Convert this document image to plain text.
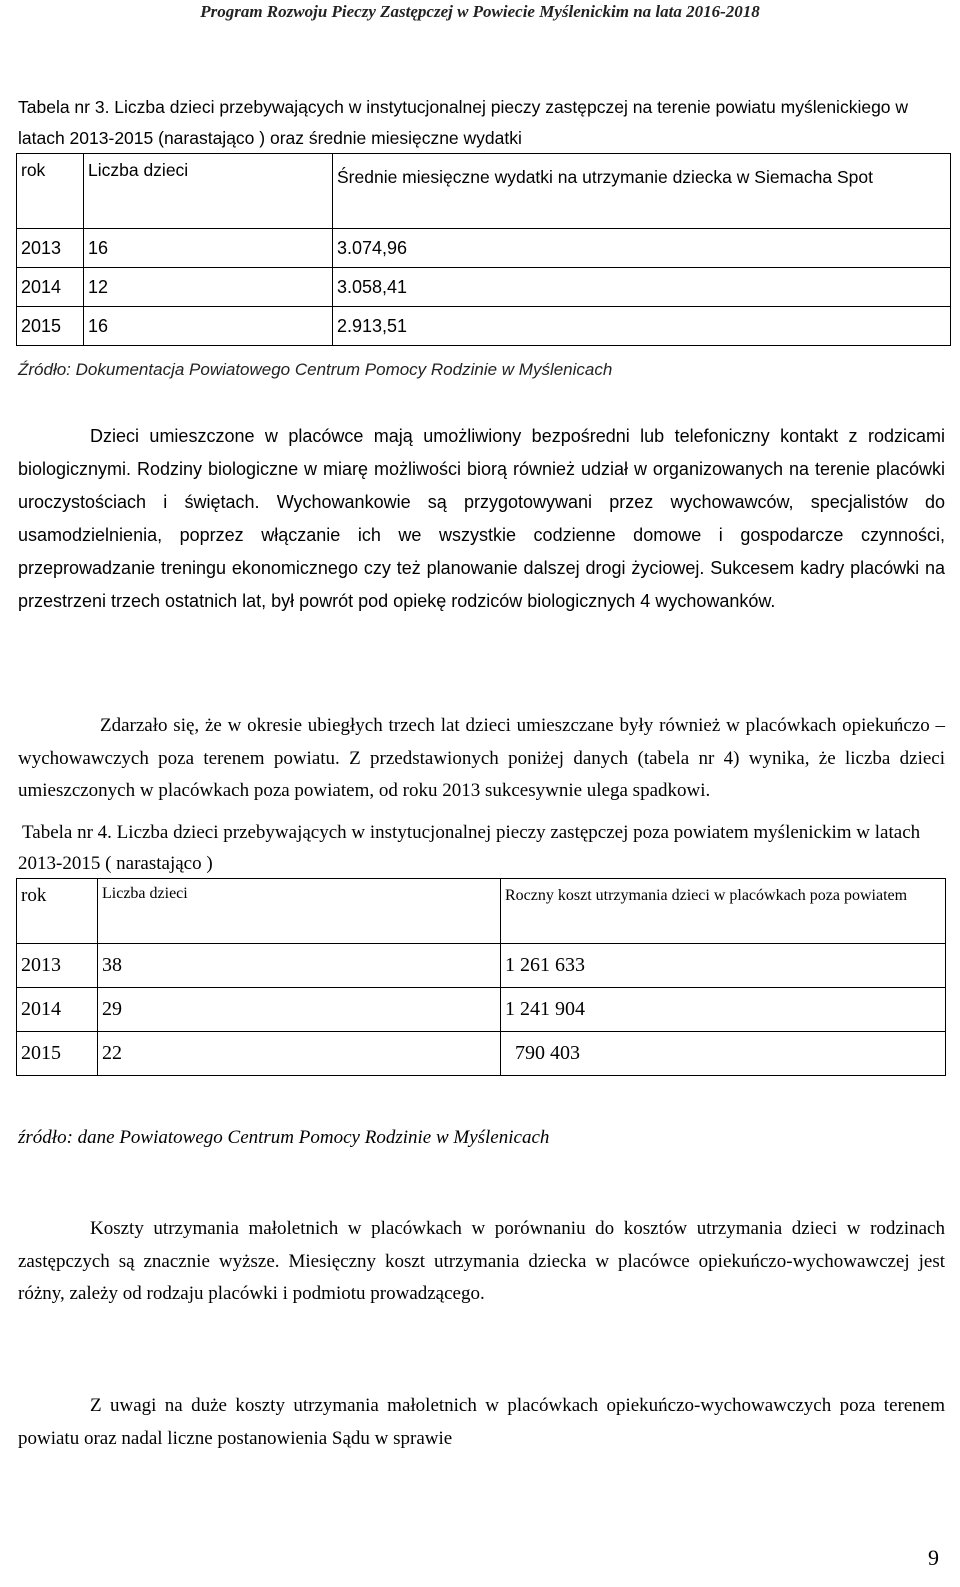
Program Rozwoju Pieczy Zastępczej w Powiecie Myślenickim na lata 2016-2018
Tabela nr 3. Liczba dzieci przebywających w instytucjonalnej pieczy zastępczej na terenie powiatu myślenickiego w latach 2013-2015 (narastająco ) oraz średnie miesięczne wydatki
rok	Liczba dzieci	Średnie miesięczne wydatki na utrzymanie dziecka w Siemacha Spot
2013	16	3.074,96
2014	12	3.058,41
2015	16	2.913,51
Źródło: Dokumentacja Powiatowego Centrum Pomocy Rodzinie w Myślenicach
Dzieci umieszczone w placówce mają umożliwiony bezpośredni lub telefoniczny kontakt z rodzicami biologicznymi. Rodziny biologiczne w miarę możliwości biorą również udział w organizowanych na terenie placówki uroczystościach i świętach. Wychowankowie są przygotowywani przez wychowawców, specjalistów do usamodzielnienia, poprzez włączanie ich we wszystkie codzienne domowe i gospodarcze czynności, przeprowadzanie treningu ekonomicznego czy też planowanie dalszej drogi życiowej. Sukcesem kadry placówki na przestrzeni trzech ostatnich lat, był powrót pod opiekę rodziców biologicznych 4 wychowanków.
Zdarzało się, że w okresie ubiegłych trzech lat dzieci umieszczane były również w placówkach opiekuńczo – wychowawczych poza terenem powiatu. Z przedstawionych poniżej danych (tabela nr 4) wynika, że liczba dzieci umieszczonych w placówkach poza powiatem, od roku 2013 sukcesywnie ulega spadkowi.
Tabela nr 4. Liczba dzieci przebywających w instytucjonalnej pieczy zastępczej poza powiatem myślenickim w latach 2013-2015 ( narastająco )
rok	Liczba dzieci	Roczny koszt utrzymania dzieci w placówkach poza powiatem
2013	38	1 261 633
2014	29	1 241 904
2015	22	790 403
źródło: dane Powiatowego Centrum Pomocy Rodzinie w Myślenicach
Koszty utrzymania małoletnich w placówkach w porównaniu do kosztów utrzymania dzieci w rodzinach zastępczych są znacznie wyższe. Miesięczny koszt utrzymania dziecka w placówce opiekuńczo-wychowawczej jest różny, zależy od rodzaju placówki i podmiotu prowadzącego.
Z uwagi na duże koszty utrzymania małoletnich w placówkach opiekuńczo-wychowawczych poza terenem powiatu oraz nadal liczne postanowienia Sądu w sprawie
9
